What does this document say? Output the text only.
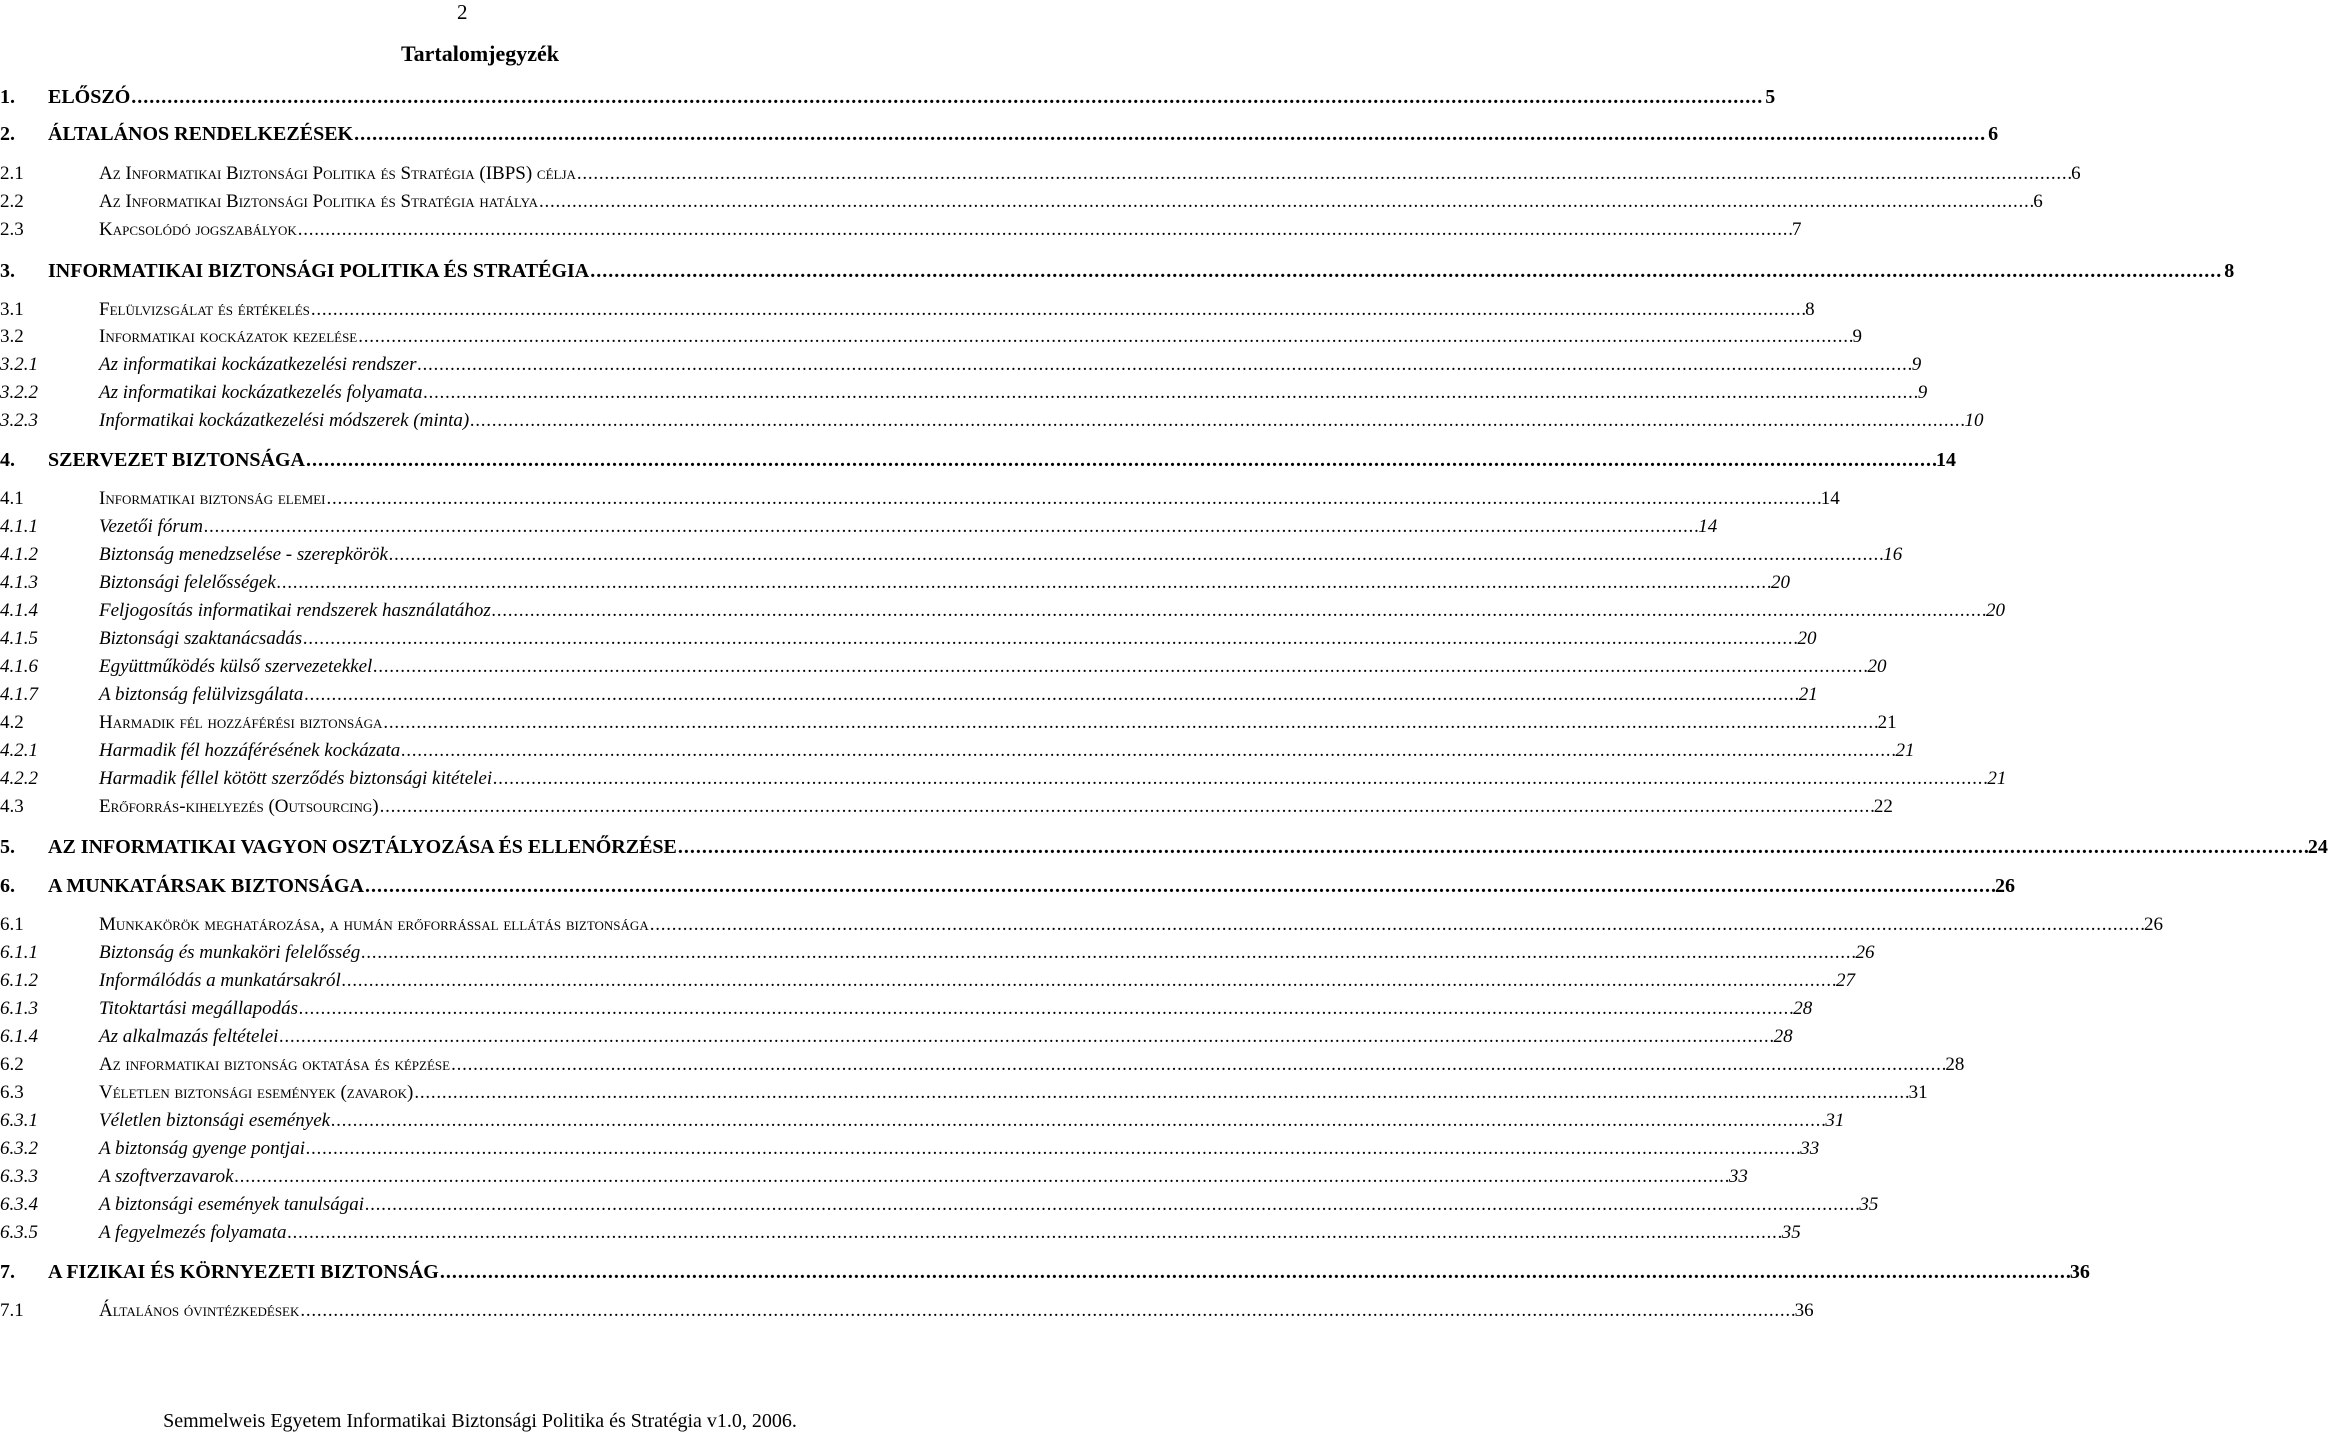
2
Tartalomjegyzék
1.	ELŐSZÓ . . .	5
2.	ÁLTALÁNOS RENDELKEZÉSEK . . .	6
2.1	Az Informatikai Biztonsági Politika és Stratégia (IBPS) célja . . .	6
2.2	Az Informatikai Biztonsági Politika és Stratégia hatálya . . .	6
2.3	Kapcsolódó jogszabályok . . .	7
3.	INFORMATIKAI BIZTONSÁGI POLITIKA ÉS STRATÉGIA . . .	8
3.1	Felülvizsgálat és értékelés . . .	8
3.2	Informatikai kockázatok kezelése . . .	9
3.2.1	Az informatikai kockázatkezelési rendszer . . .	9
3.2.2	Az informatikai kockázatkezelés folyamata . . .	9
3.2.3	Informatikai kockázatkezelési módszerek (minta) . . .	10
4.	SZERVEZET BIZTONSÁGA . . .	14
4.1	Informatikai biztonság elemei . . .	14
4.1.1	Vezetői fórum . . .	14
4.1.2	Biztonság menedzselése - szerepkörök . . .	16
4.1.3	Biztonsági felelősségek . . .	20
4.1.4	Feljogosítás informatikai rendszerek használatához . . .	20
4.1.5	Biztonsági szaktanácsadás . . .	20
4.1.6	Együttműködés külső szervezetekkel . . .	20
4.1.7	A biztonság felülvizsgálata . . .	21
4.2	Harmadik fél hozzáférési biztonsága . . .	21
4.2.1	Harmadik fél hozzáférésének kockázata . . .	21
4.2.2	Harmadik féllel kötött szerződés biztonsági kitételei . . .	21
4.3	Erőforrás-kihelyezés (Outsourcing) . . .	22
5.	AZ INFORMATIKAI VAGYON OSZTÁLYOZÁSA ÉS ELLENŐRZÉSE . . .	24
6.	A MUNKATÁRSAK BIZTONSÁGA . . .	26
6.1	Munkakörök meghatározása, a humán erőforrással ellátás biztonsága . . .	26
6.1.1	Biztonság és munkaköri felelősség . . .	26
6.1.2	Informálódás a munkatársakról . . .	27
6.1.3	Titoktartási megállapodás . . .	28
6.1.4	Az alkalmazás feltételei . . .	28
6.2	Az informatikai biztonság oktatása és képzése . . .	28
6.3	Véletlen biztonsági események (zavarok) . . .	31
6.3.1	Véletlen biztonsági események . . .	31
6.3.2	A biztonság gyenge pontjai . . .	33
6.3.3	A szoftverzavarok . . .	33
6.3.4	A biztonsági események tanulságai . . .	35
6.3.5	A fegyelmezés folyamata . . .	35
7.	A FIZIKAI ÉS KÖRNYEZETI BIZTONSÁG . . .	36
7.1	Általános óvintézkedések . . .	36
Semmelweis Egyetem Informatikai Biztonsági Politika és Stratégia v1.0, 2006.
